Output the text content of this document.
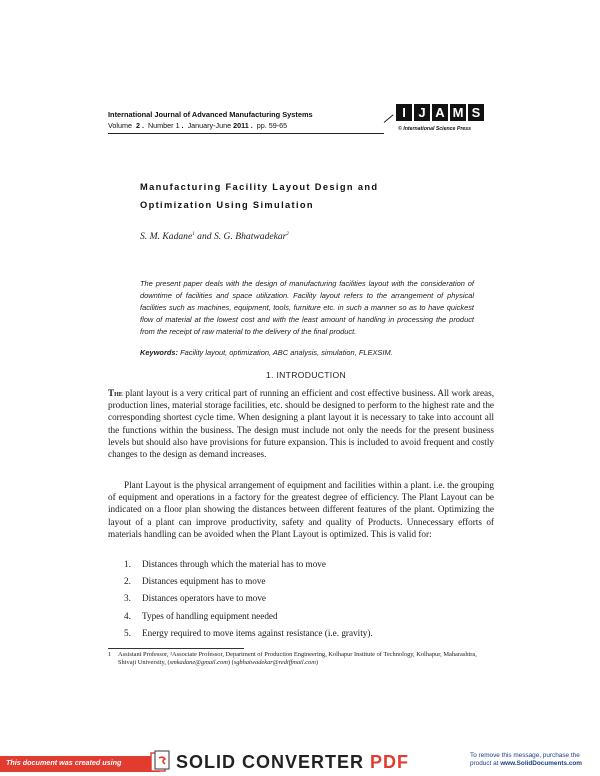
International Journal of Advanced Manufacturing Systems
Volume 2 . Number 1 . January-June 2011 . pp. 59-65
I J A M S
© International Science Press
Manufacturing Facility Layout Design and
Optimization Using Simulation
S. M. Kadane$^1$ and S. G. Bhatwadekar$^2$
The present paper deals with the design of manufacturing facilities layout with the consideration of downtime of facilities and space utilization. Facility layout refers to the arrangement of physical facilities such as machines, equipment, tools, furniture etc. in such a manner so as to have quickest flow of material at the lowest cost and with the least amount of handling in processing the product from the receipt of raw material to the delivery of the final product.
Keywords: Facility layout, optimization, ABC analysis, simulation, FLEXSIM.
1. INTRODUCTION
The plant layout is a very critical part of running an efficient and cost effective business. All work areas, production lines, material storage facilities, etc. should be designed to perform to the highest rate and the corresponding shortest cycle time. When designing a plant layout it is necessary to take into account all the functions within the business. The design must include not only the needs for the present business levels but should also have provisions for future expansion. This is included to avoid frequent and costly changes to the design as demand increases.
Plant Layout is the physical arrangement of equipment and facilities within a plant. i.e. the grouping of equipment and operations in a factory for the greatest degree of efficiency. The Plant Layout can be indicated on a floor plan showing the distances between different features of the plant. Optimizing the layout of a plant can improve productivity, safety and quality of Products. Unnecessary efforts of materials handling can be avoided when the Plant Layout is optimized. This is valid for:
1. Distances through which the material has to move
2. Distances equipment has to move
3. Distances operators have to move
4. Types of handling equipment needed
5. Energy required to move items against resistance (i.e. gravity).
1 Assistant Professor, ²Associate Professor, Department of Production Engineering, Kolhapur Institute of Technology, Kolhapur, Maharashtra, Shivaji University, (smkadane@gmail.com) (sgbhatwadekar@rediffmail.com)
This document was created using	SOLID CONVERTER PDF	To remove this message, purchase the
product at www.SolidDocuments.com
